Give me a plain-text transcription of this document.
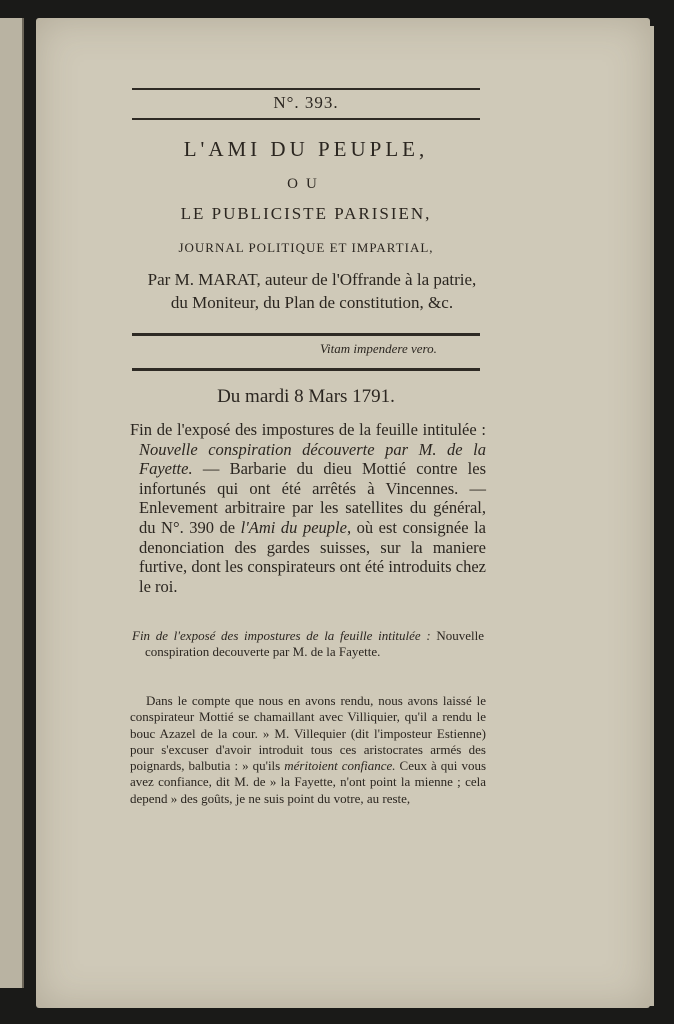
N°. 393.
L'AMI DU PEUPLE,
OU
LE PUBLICISTE PARISIEN,
JOURNAL POLITIQUE ET IMPARTIAL,
Par M. MARAT, auteur de l'Offrande à la patrie,
du Moniteur, du Plan de constitution, &c.
Vitam impendere vero.
Du mardi 8 Mars 1791.

Fin de l'exposé des impostures de la feuille intitulée : Nouvelle conspiration découverte par M. de la Fayette. — Barbarie du dieu Mottié contre les infortunés qui ont été arrêtés à Vincennes. — Enlevement arbitraire par les satellites du général, du N°. 390 de l'Ami du peuple, où est consignée la denonciation des gardes suisses, sur la maniere furtive, dont les conspirateurs ont été introduits chez le roi.

Fin de l'exposé des impostures de la feuille intitulée : Nouvelle conspiration decouverte par M. de la Fayette.

Dans le compte que nous en avons rendu, nous avons laissé le conspirateur Mottié se chamaillant avec Villiquier, qu'il a rendu le bouc Azazel de la cour. » M. Villequier (dit l'imposteur Estienne) pour s'excuser d'avoir introduit tous ces aristocrates armés des poignards, balbutia : » qu'ils méritoient confiance. Ceux à qui vous avez confiance, dit M. de » la Fayette, n'ont point la mienne ; cela depend » des goûts, je ne suis point du votre, au reste,
